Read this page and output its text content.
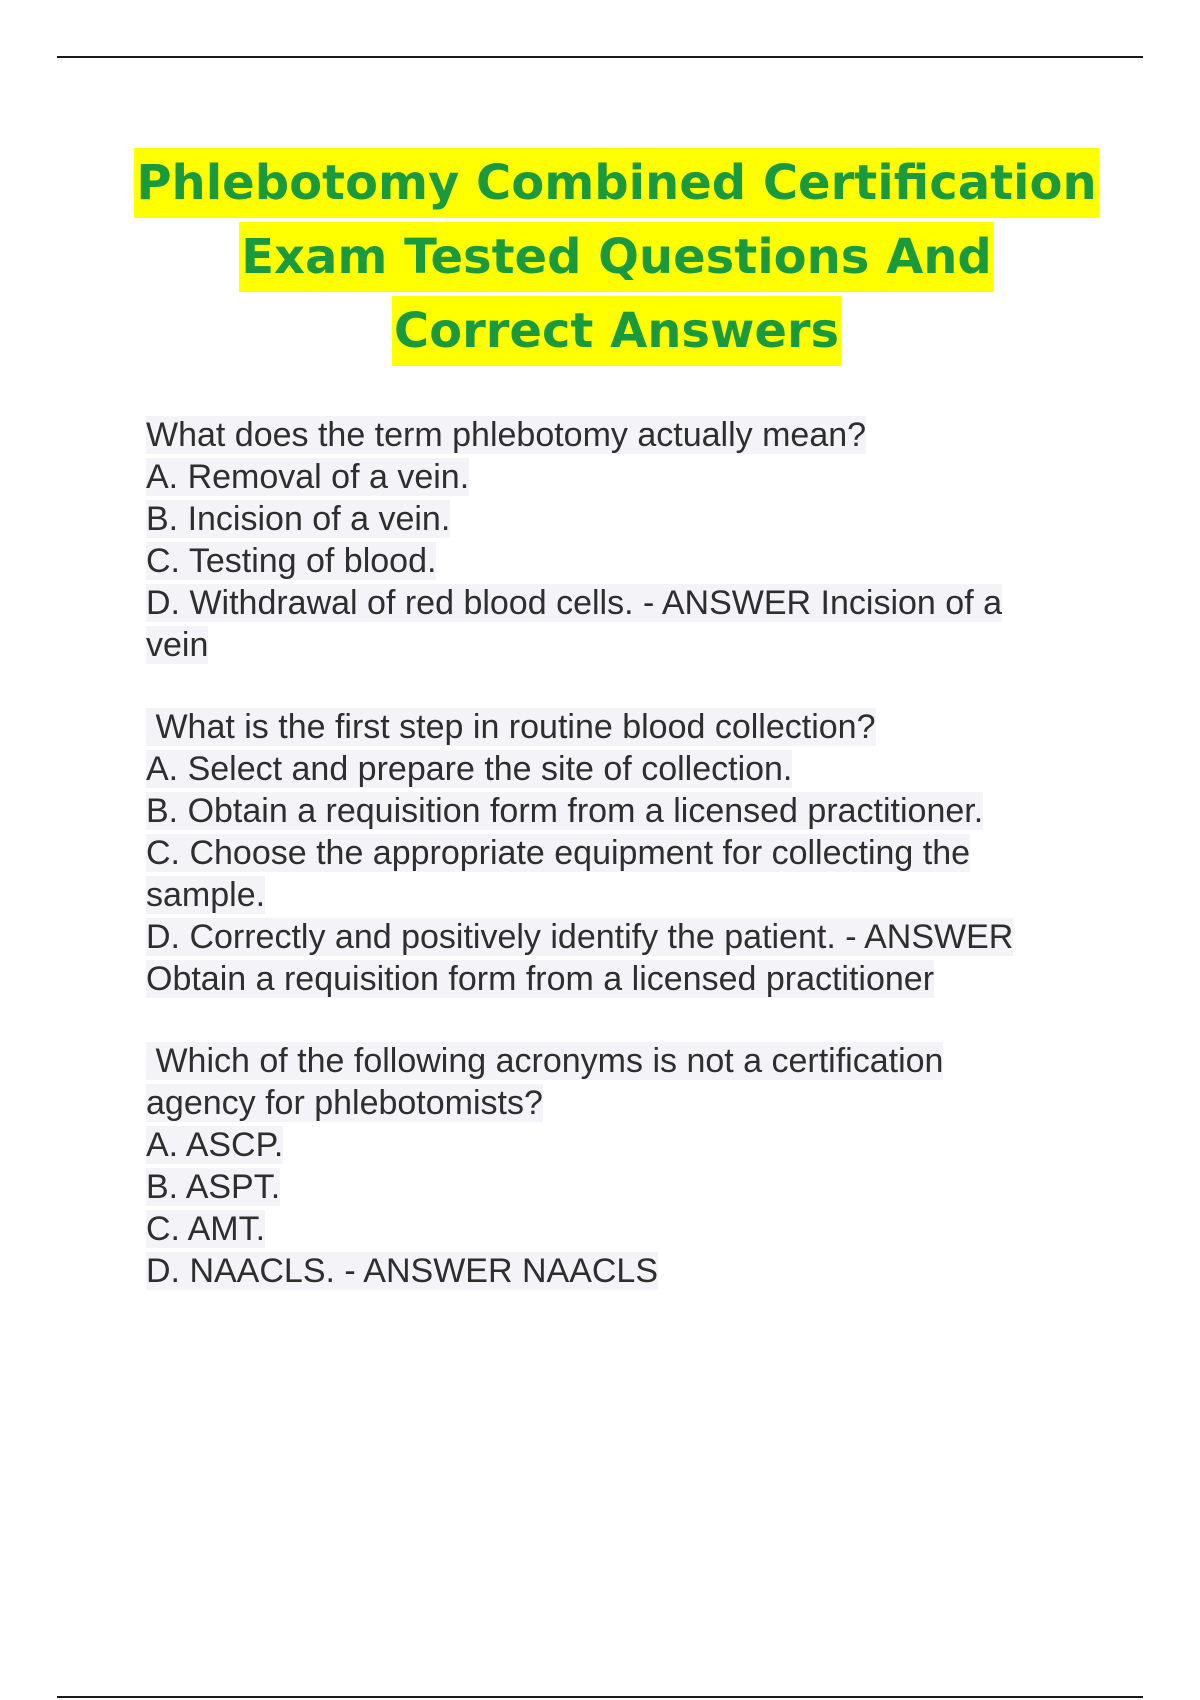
Phlebotomy Combined Certification
Exam Tested Questions And
Correct Answers
What does the term phlebotomy actually mean?
A. Removal of a vein.
B. Incision of a vein.
C. Testing of blood.
D. Withdrawal of red blood cells. - ANSWER Incision of a
vein
What is the first step in routine blood collection?
A. Select and prepare the site of collection.
B. Obtain a requisition form from a licensed practitioner.
C. Choose the appropriate equipment for collecting the
sample.
D. Correctly and positively identify the patient. - ANSWER
Obtain a requisition form from a licensed practitioner
Which of the following acronyms is not a certification
agency for phlebotomists?
A. ASCP.
B. ASPT.
C. AMT.
D. NAACLS. - ANSWER NAACLS
